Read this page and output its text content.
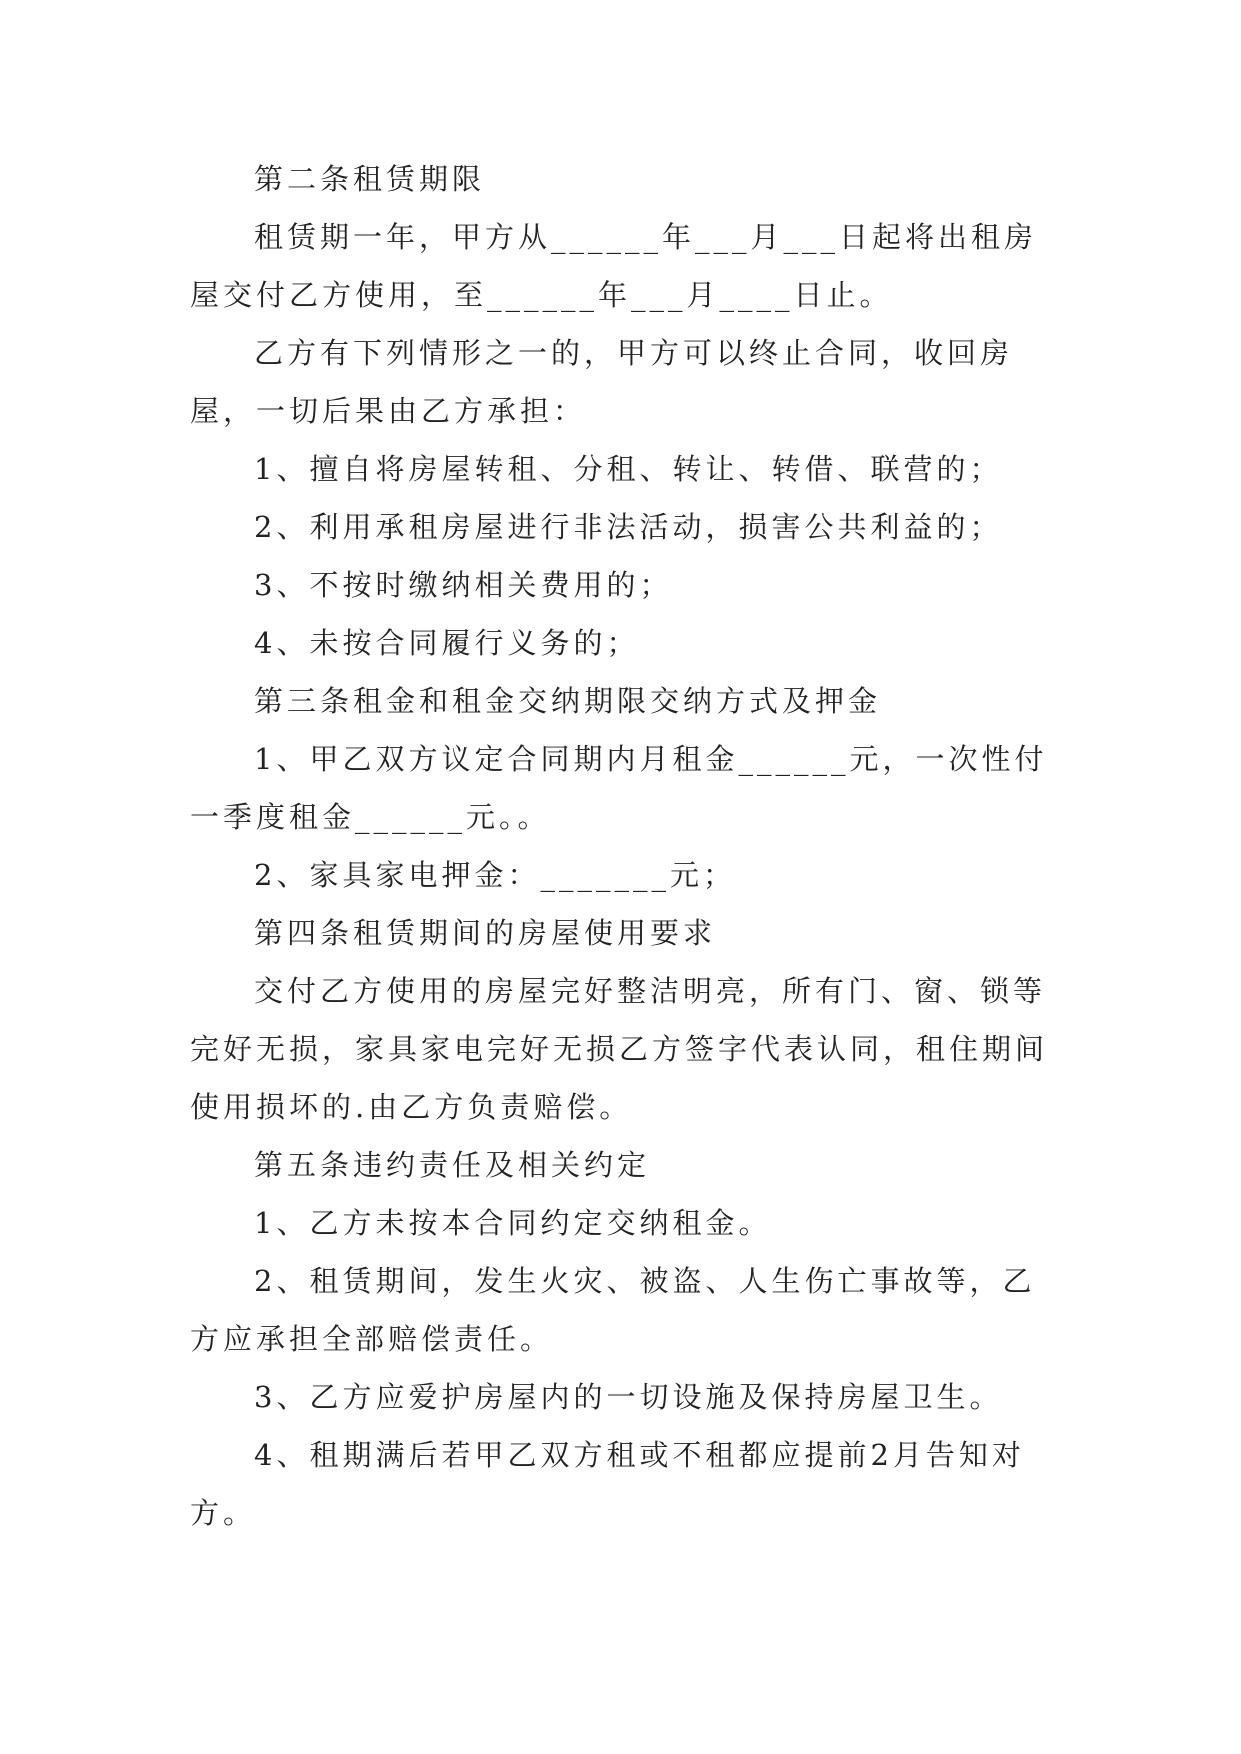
第二条租赁期限

租赁期一年，甲方从______年___月___日起将出租房屋交付乙方使用，至______年___月____日止。

乙方有下列情形之一的，甲方可以终止合同，收回房屋，一切后果由乙方承担：

1、擅自将房屋转租、分租、转让、转借、联营的；

2、利用承租房屋进行非法活动，损害公共利益的；

3、不按时缴纳相关费用的；

4、未按合同履行义务的；

第三条租金和租金交纳期限交纳方式及押金

1、甲乙双方议定合同期内月租金______元，一次性付一季度租金______元。。

2、家具家电押金：_______元；

第四条租赁期间的房屋使用要求

交付乙方使用的房屋完好整洁明亮，所有门、窗、锁等完好无损，家具家电完好无损乙方签字代表认同，租住期间使用损坏的.由乙方负责赔偿。

第五条违约责任及相关约定

1、乙方未按本合同约定交纳租金。

2、租赁期间，发生火灾、被盗、人生伤亡事故等，乙方应承担全部赔偿责任。

3、乙方应爱护房屋内的一切设施及保持房屋卫生。

4、租期满后若甲乙双方租或不租都应提前2月告知对方。
